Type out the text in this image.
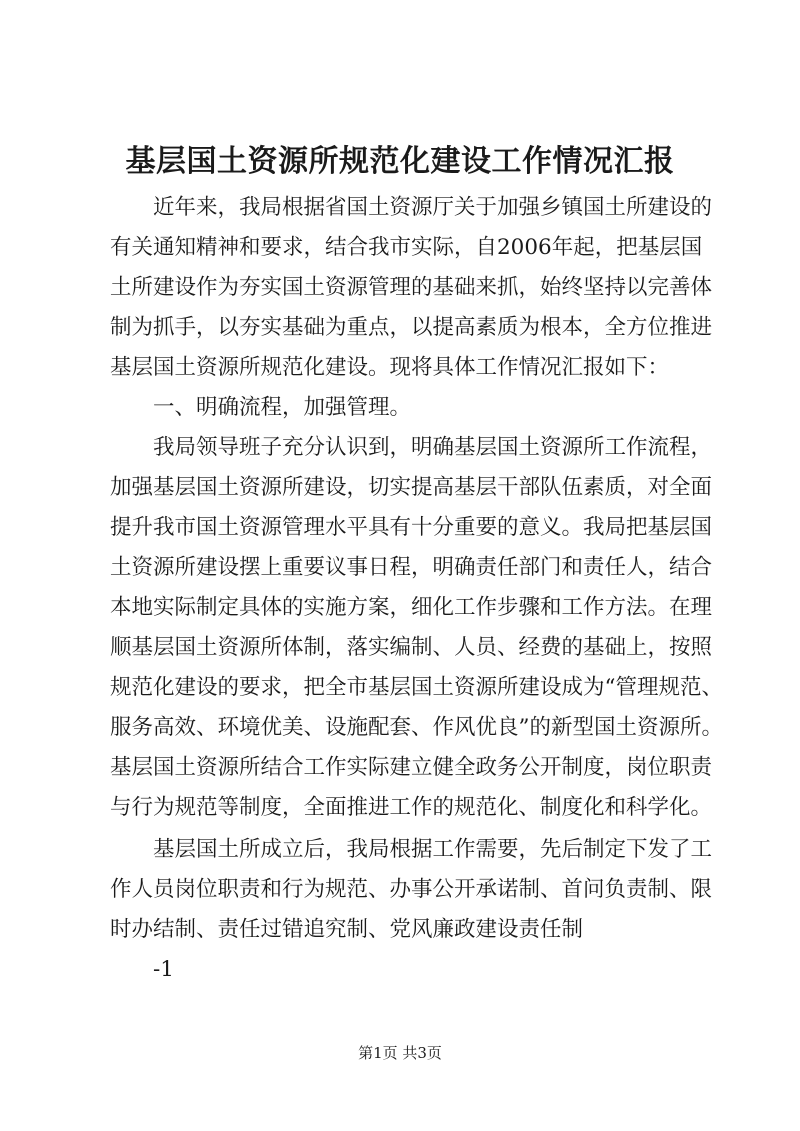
基层国土资源所规范化建设工作情况汇报

　　近年来，我局根据省国土资源厅关于加强乡镇国土所建设的

有关通知精神和要求，结合我市实际，自2006年起，把基层国

土所建设作为夯实国土资源管理的基础来抓，始终坚持以完善体

制为抓手，以夯实基础为重点，以提高素质为根本，全方位推进

基层国土资源所规范化建设。现将具体工作情况汇报如下：

　　一、明确流程，加强管理。

　　我局领导班子充分认识到，明确基层国土资源所工作流程，

加强基层国土资源所建设，切实提高基层干部队伍素质，对全面

提升我市国土资源管理水平具有十分重要的意义。我局把基层国

土资源所建设摆上重要议事日程，明确责任部门和责任人，结合

本地实际制定具体的实施方案，细化工作步骤和工作方法。在理

顺基层国土资源所体制，落实编制、人员、经费的基础上，按照

规范化建设的要求，把全市基层国土资源所建设成为“管理规范、

服务高效、环境优美、设施配套、作风优良”的新型国土资源所。

基层国土资源所结合工作实际建立健全政务公开制度，岗位职责

与行为规范等制度，全面推进工作的规范化、制度化和科学化。

　　基层国土所成立后，我局根据工作需要，先后制定下发了工

作人员岗位职责和行为规范、办事公开承诺制、首问负责制、限

时办结制、责任过错追究制、党风廉政建设责任制

　　-1

第1页 共3页
